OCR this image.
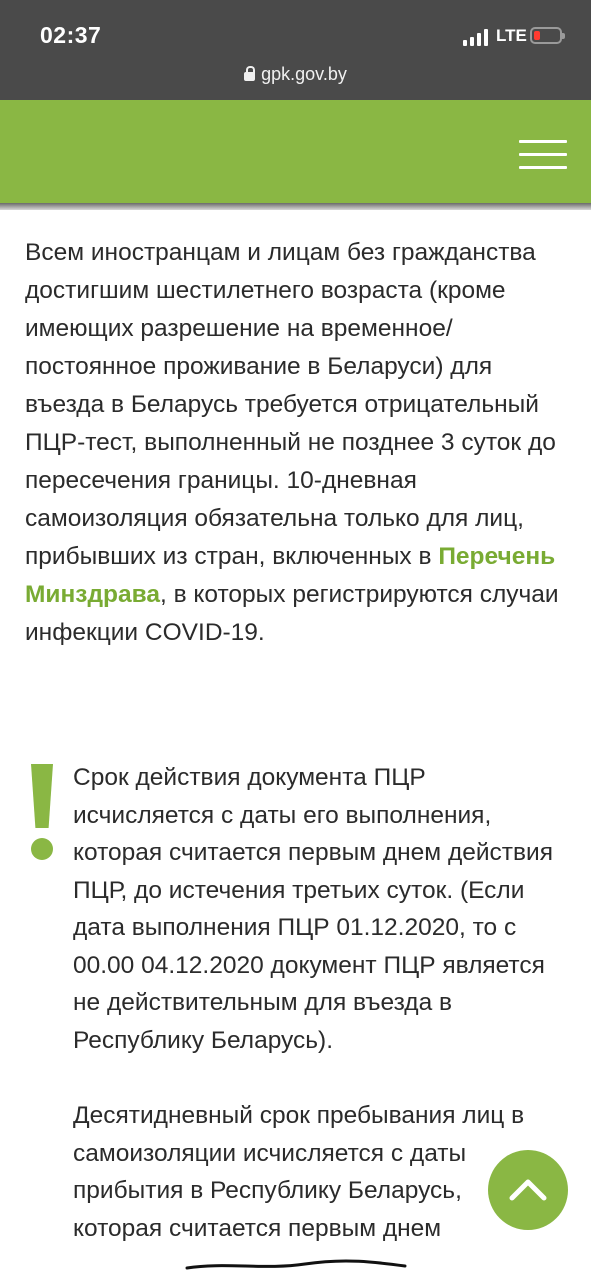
02:37	LTE
gpk.gov.by

Всем иностранцам и лицам без гражданства достигшим шестилетнего возраста (кроме имеющих разрешение на временное/постоянное проживание в Беларуси) для въезда в Беларусь требуется отрицательный ПЦР-тест, выполненный не позднее 3 суток до пересечения границы. 10-дневная самоизоляция обязательна только для лиц, прибывших из стран, включенных в Перечень Минздрава, в которых регистрируются случаи инфекции COVID-19.

Срок действия документа ПЦР исчисляется с даты его выполнения, которая считается первым днем действия ПЦР, до истечения третьих суток. (Если дата выполнения ПЦР 01.12.2020, то с 00.00 04.12.2020 документ ПЦР является не действительным для въезда в Республику Беларусь).

Десятидневный срок пребывания лиц в самоизоляции исчисляется с даты прибытия в Республику Беларусь, которая считается первым днем
